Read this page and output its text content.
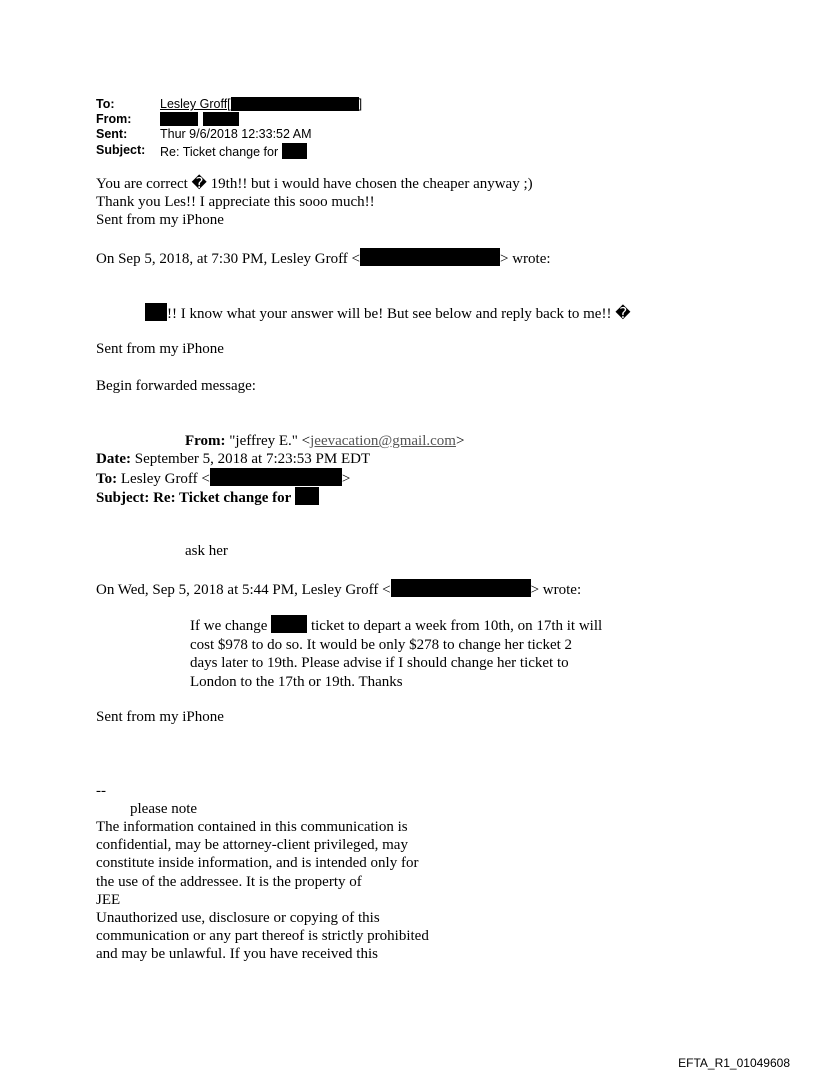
To:	Lesley Groff[	]
From:

Sent:	Thur 9/6/2018 12:33:52 AM
Subject: Re: Ticket change for
You are correct � 19th!! but i would have chosen the cheaper anyway ;)
Thank you Les!! I appreciate this sooo much!!
Sent from my iPhone
On Sep 5, 2018, at 7:30 PM, Lesley Groff <	> wrote:
!! I know what your answer will be! But see below and reply back to me!! �
Sent from my iPhone
Begin forwarded message:
From: "jeffrey E." <jeevacation@gmail.com>
Date: September 5, 2018 at 7:23:53 PM EDT
To: Lesley Groff <	>
Subject: Re: Ticket change for
ask her
On Wed, Sep 5, 2018 at 5:44 PM, Lesley Groff <	> wrote:
If we change	ticket to depart a week from 10th, on 17th it will
cost $978 to do so. It would be only $278 to change her ticket 2
days later to 19th. Please advise if I should change her ticket to
London to the 17th or 19th. Thanks
Sent from my iPhone
--
please note
The information contained in this communication is
confidential, may be attorney-client privileged, may
constitute inside information, and is intended only for
the use of the addressee. It is the property of
JEE
Unauthorized use, disclosure or copying of this
communication or any part thereof is strictly prohibited
and may be unlawful. If you have received this
EFTA_R1_01049608
